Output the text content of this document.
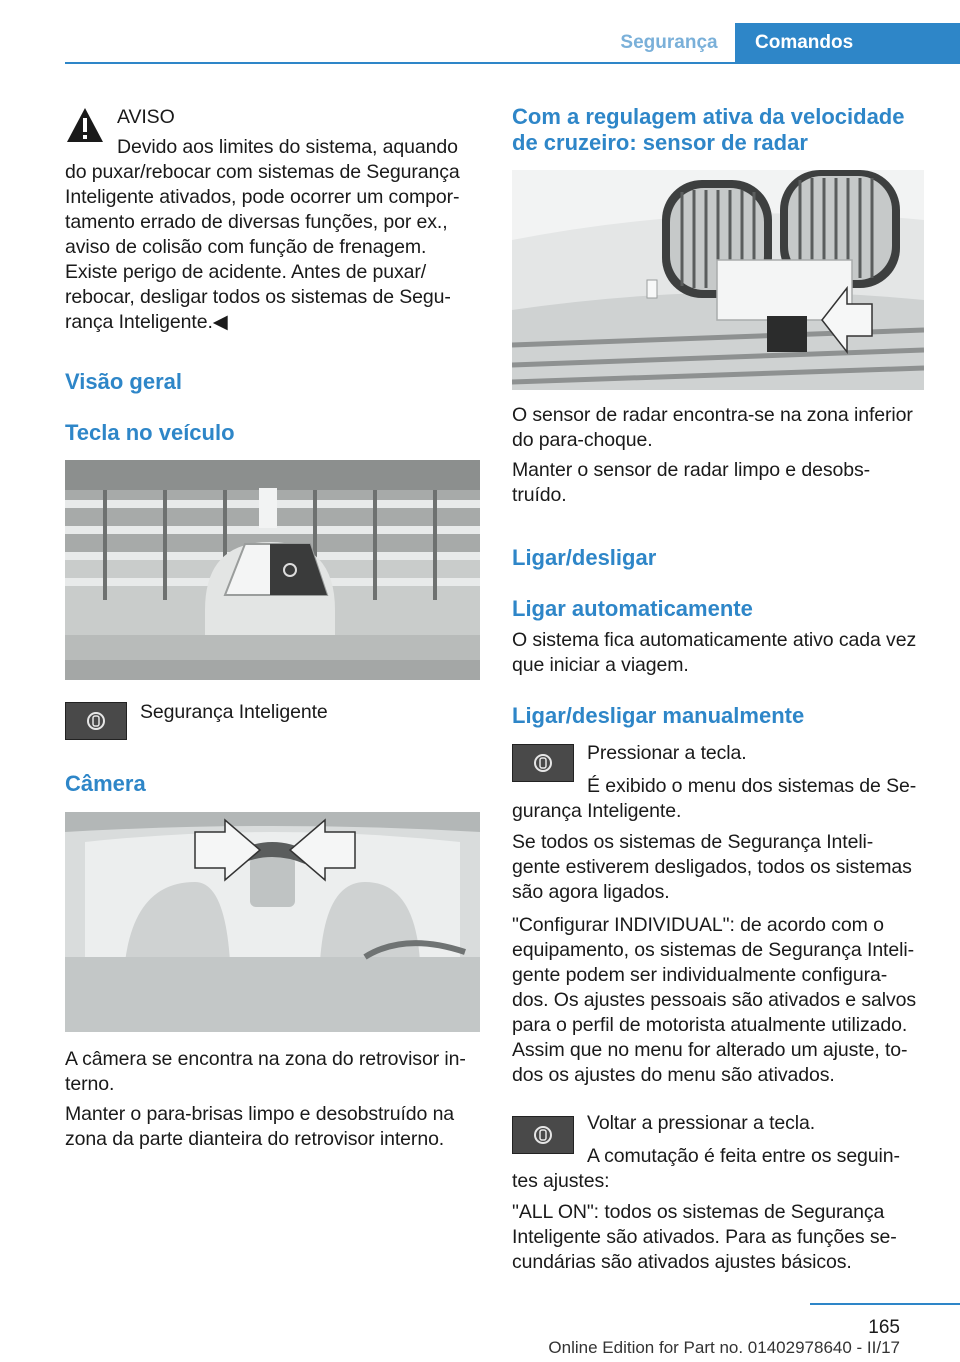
Segurança	Comandos

AVISO

Devido aos limites do sistema, aquando

do puxar/rebocar com sistemas de Segurança

Inteligente ativados, pode ocorrer um compor‐

tamento errado de diversas funções, por ex.,

aviso de colisão com função de frenagem.

Existe perigo de acidente. Antes de puxar/

rebocar, desligar todos os sistemas de Segu‐

rança Inteligente.◀

Visão geral
Tecla no veículo

Segurança Inteligente

Câmera

A câmera se encontra na zona do retrovisor in‐

terno.

Manter o para-brisas limpo e desobstruído na

zona da parte dianteira do retrovisor interno.

Com a regulagem ativa da velocidade
de cruzeiro: sensor de radar

O sensor de radar encontra-se na zona inferior

do para-choque.

Manter o sensor de radar limpo e desobs‐

truído.

Ligar/desligar
Ligar automaticamente

O sistema fica automaticamente ativo cada vez

que iniciar a viagem.

Ligar/desligar manualmente

Pressionar a tecla.

É exibido o menu dos sistemas de Se‐

gurança Inteligente.

Se todos os sistemas de Segurança Inteli‐

gente estiverem desligados, todos os sistemas

são agora ligados.

"Configurar INDIVIDUAL": de acordo com o

equipamento, os sistemas de Segurança Inteli‐

gente podem ser individualmente configura‐

dos. Os ajustes pessoais são ativados e salvos

para o perfil de motorista atualmente utilizado.

Assim que no menu for alterado um ajuste, to‐

dos os ajustes do menu são ativados.

Voltar a pressionar a tecla.

A comutação é feita entre os seguin‐

tes ajustes:

"ALL ON": todos os sistemas de Segurança

Inteligente são ativados. Para as funções se‐

cundárias são ativados ajustes básicos.

165
Online Edition for Part no. 01402978640 - II/17
